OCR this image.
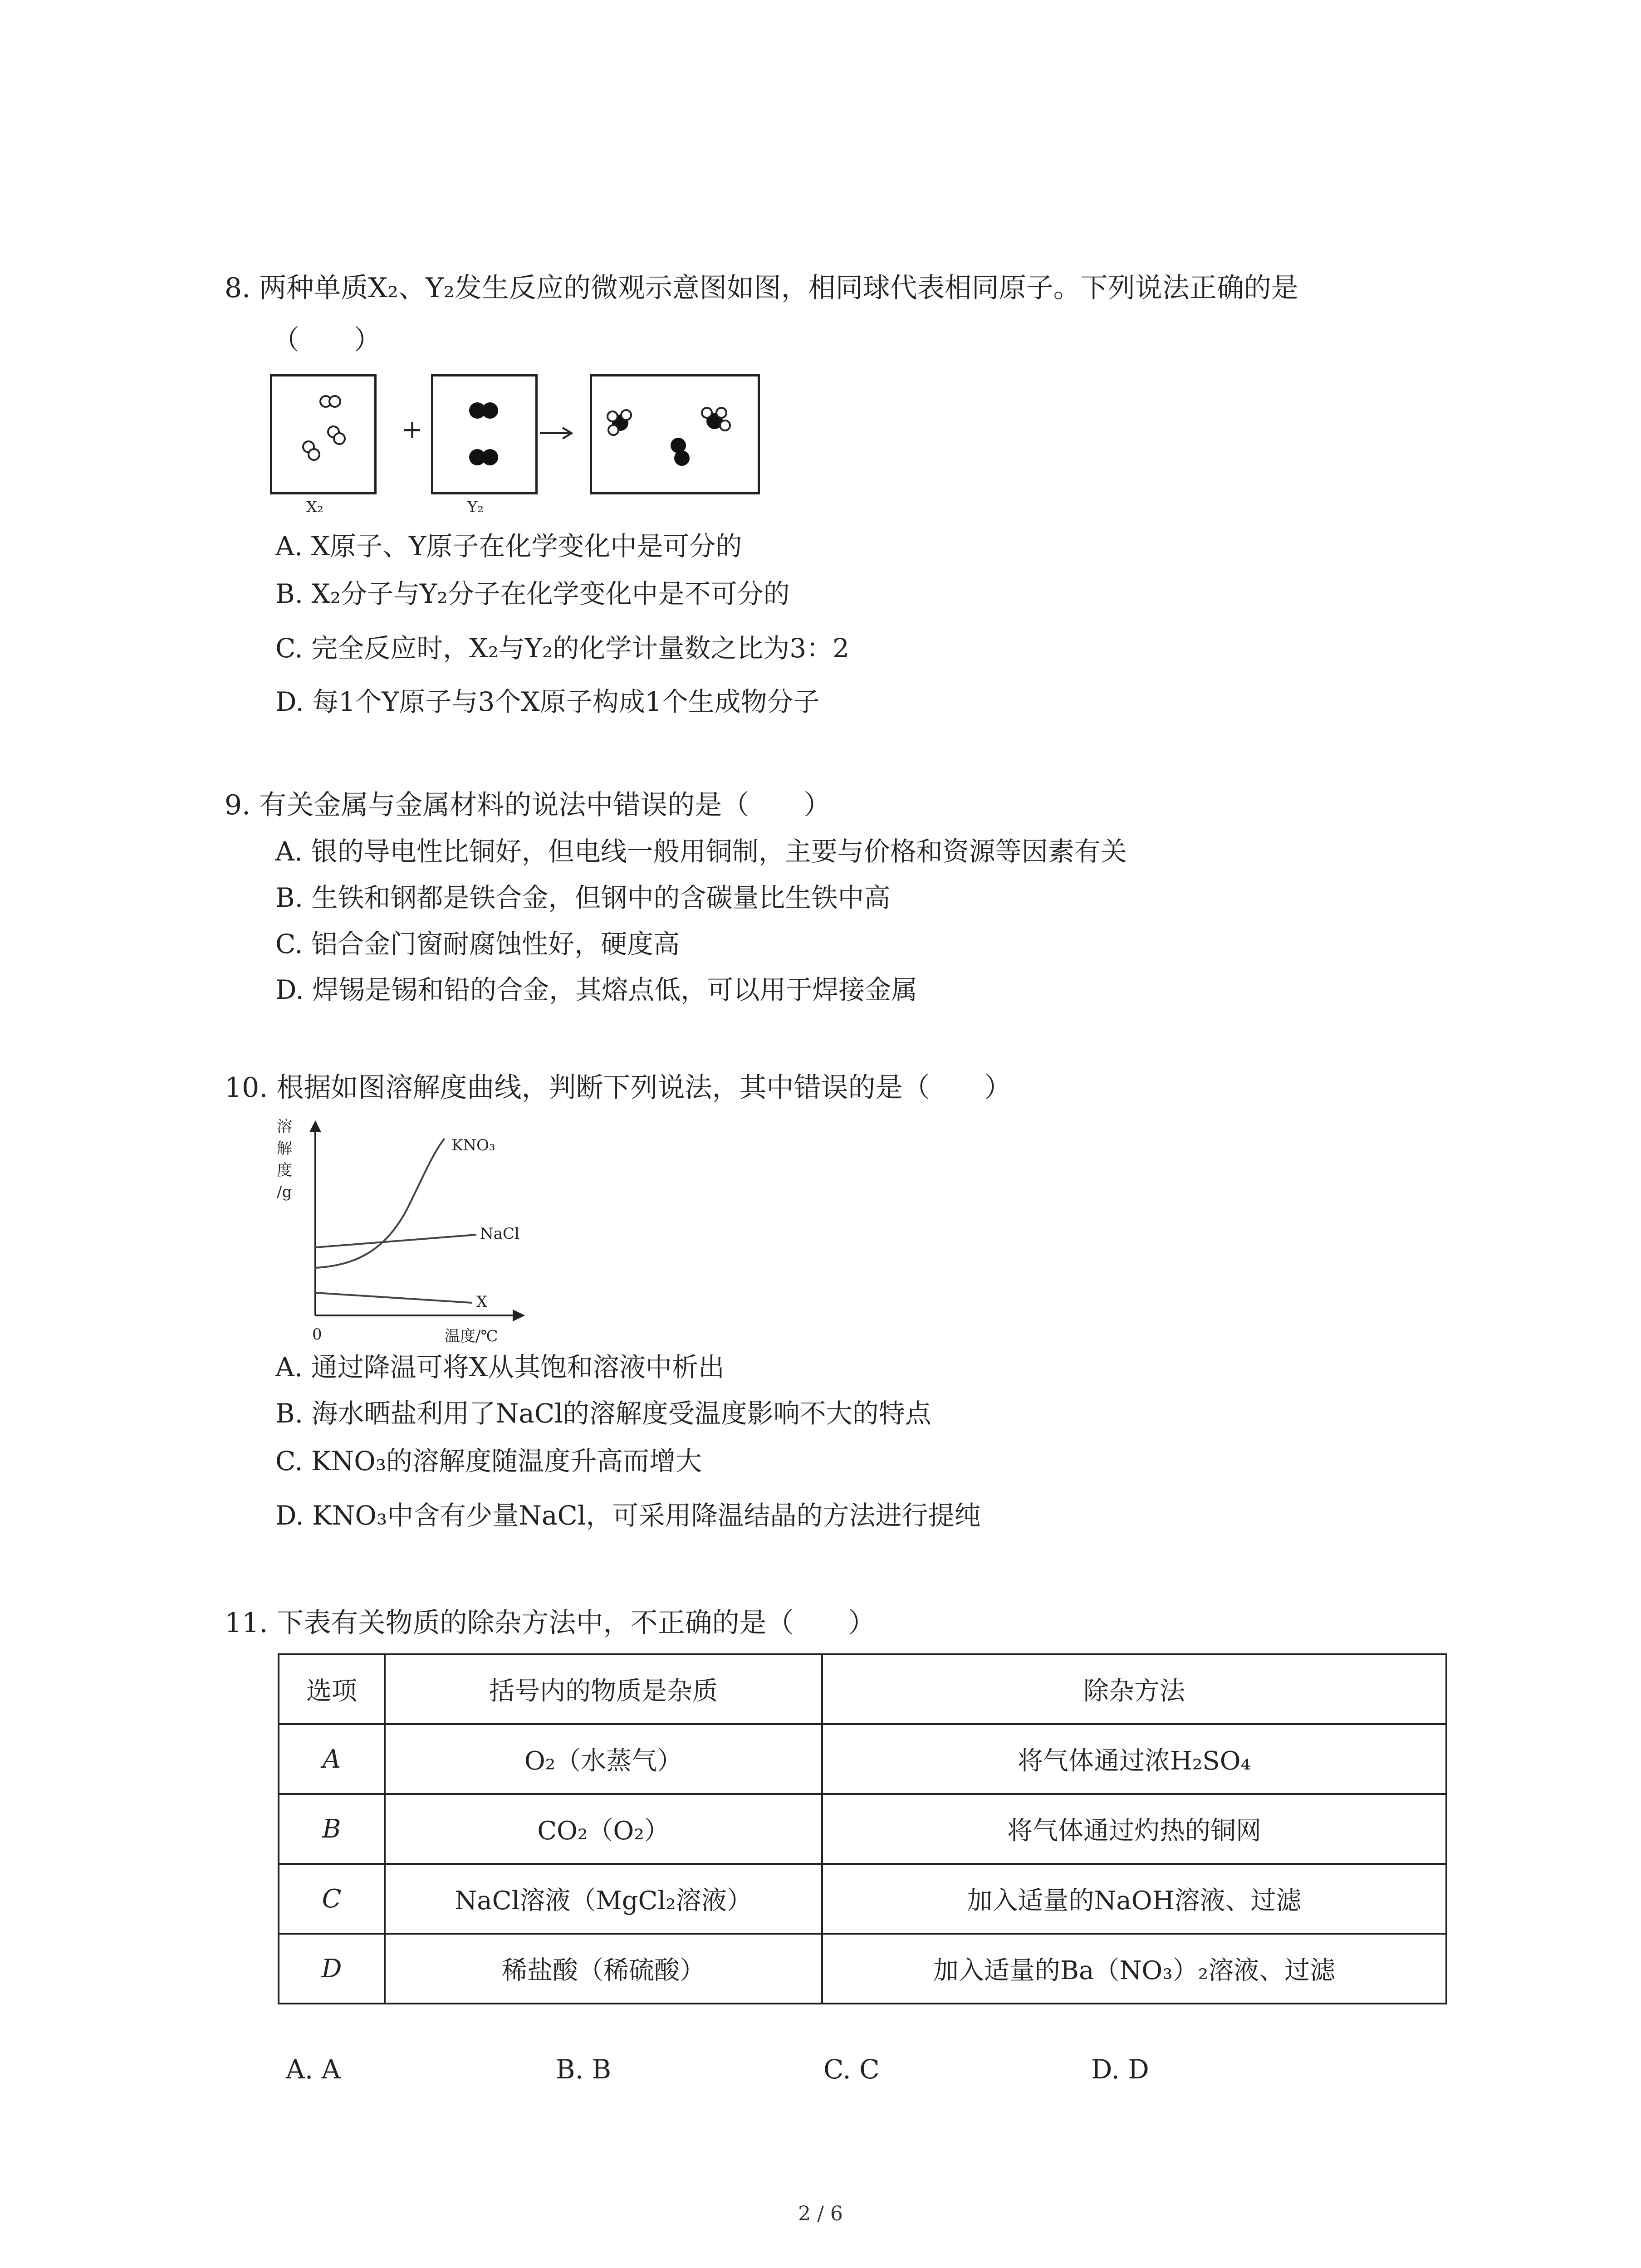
8. 两种单质X₂、Y₂发生反应的微观示意图如图，相同球代表相同原子。下列说法正确的是
（　　）
X₂
+
Y₂
A. X原子、Y原子在化学变化中是可分的
B. X₂分子与Y₂分子在化学变化中是不可分的
C. 完全反应时，X₂与Y₂的化学计量数之比为3：2
D. 每1个Y原子与3个X原子构成1个生成物分子
9. 有关金属与金属材料的说法中错误的是（　　）
A. 银的导电性比铜好，但电线一般用铜制，主要与价格和资源等因素有关
B. 生铁和钢都是铁合金，但钢中的含碳量比生铁中高
C. 铝合金门窗耐腐蚀性好，硬度高
D. 焊锡是锡和铅的合金，其熔点低，可以用于焊接金属
10. 根据如图溶解度曲线，判断下列说法，其中错误的是（　　）
溶
解
度
/g
KNO₃
NaCl
X
0	温度/℃
A. 通过降温可将X从其饱和溶液中析出
B. 海水晒盐利用了NaCl的溶解度受温度影响不大的特点
C. KNO₃的溶解度随温度升高而增大
D. KNO₃中含有少量NaCl，可采用降温结晶的方法进行提纯
11. 下表有关物质的除杂方法中，不正确的是（　　）
选项	括号内的物质是杂质	除杂方法
A	O₂（水蒸气）	将气体通过浓H₂SO₄
B	CO₂（O₂）	将气体通过灼热的铜网
C	NaCl溶液（MgCl₂溶液）	加入适量的NaOH溶液、过滤
D	稀盐酸（稀硫酸）	加入适量的Ba（NO₃）₂溶液、过滤
A. A	B. B	C. C	D. D
2 / 6
